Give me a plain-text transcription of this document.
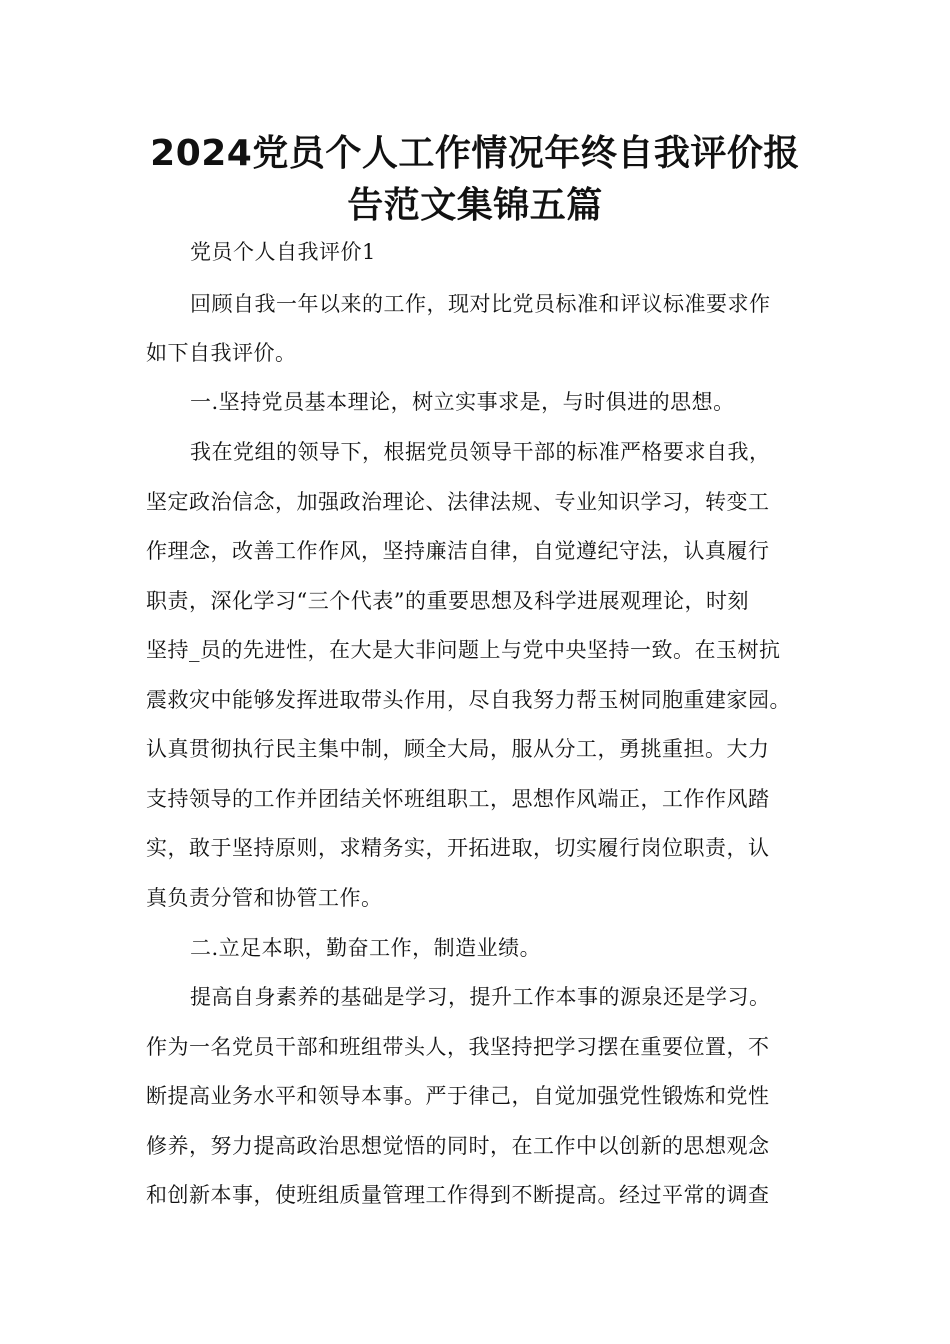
2024党员个人工作情况年终自我评价报
告范文集锦五篇
党员个人自我评价1
回顾自我一年以来的工作，现对比党员标准和评议标准要求作
如下自我评价。
一.坚持党员基本理论，树立实事求是，与时俱进的思想。
我在党组的领导下，根据党员领导干部的标准严格要求自我，
坚定政治信念，加强政治理论、法律法规、专业知识学习，转变工
作理念，改善工作作风，坚持廉洁自律，自觉遵纪守法，认真履行
职责，深化学习“三个代表”的重要思想及科学进展观理论，时刻
坚持_员的先进性，在大是大非问题上与党中央坚持一致。在玉树抗
震救灾中能够发挥进取带头作用，尽自我努力帮玉树同胞重建家园。
认真贯彻执行民主集中制，顾全大局，服从分工，勇挑重担。大力
支持领导的工作并团结关怀班组职工，思想作风端正，工作作风踏
实，敢于坚持原则，求精务实，开拓进取，切实履行岗位职责，认
真负责分管和协管工作。
二.立足本职，勤奋工作，制造业绩。
提高自身素养的基础是学习，提升工作本事的源泉还是学习。
作为一名党员干部和班组带头人，我坚持把学习摆在重要位置，不
断提高业务水平和领导本事。严于律己，自觉加强党性锻炼和党性
修养，努力提高政治思想觉悟的同时，在工作中以创新的思想观念
和创新本事，使班组质量管理工作得到不断提高。经过平常的调查
